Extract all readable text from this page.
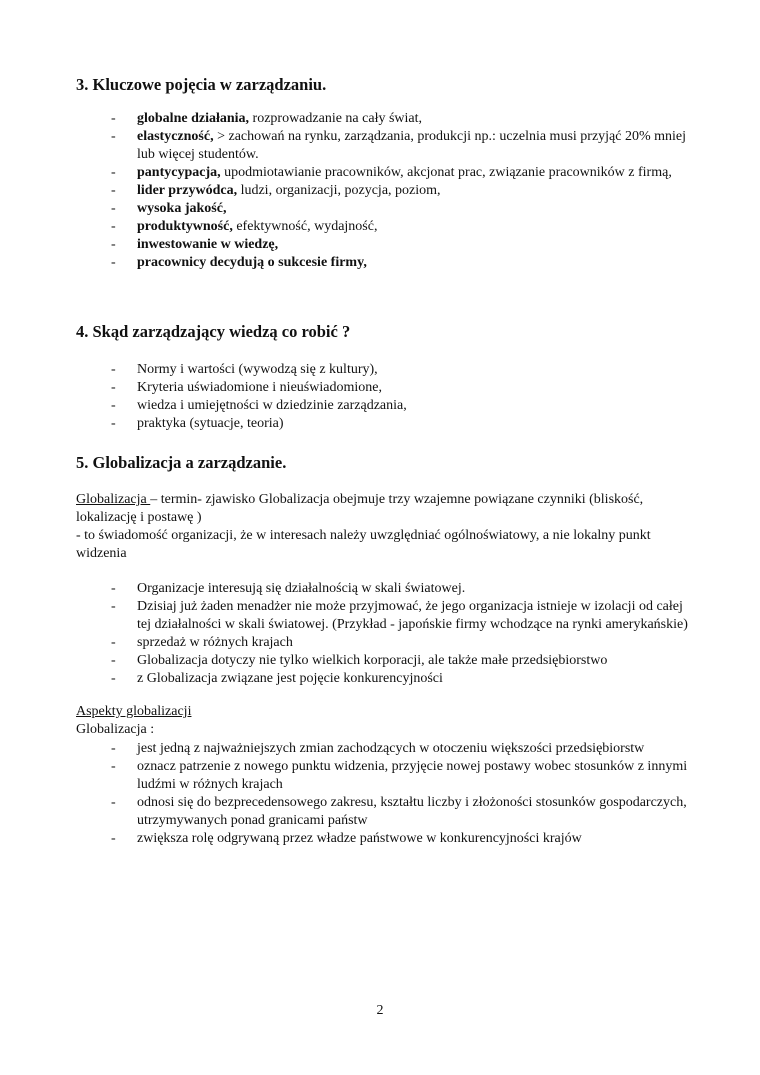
3. Kluczowe pojęcia w zarządzaniu.
- globalne działania, rozprowadzanie na cały świat,
- elastyczność, > zachowań na rynku, zarządzania, produkcji np.: uczelnia musi przyjąć 20% mniej lub więcej studentów.
- pantycypacja, upodmiotawianie pracowników, akcjonat prac, związanie pracowników z firmą,
- lider przywódca, ludzi, organizacji, pozycja, poziom,
- wysoka jakość,
- produktywność, efektywność, wydajność,
- inwestowanie w wiedzę,
- pracownicy decydują o sukcesie firmy,
4. Skąd zarządzający wiedzą co robić ?
- Normy i wartości (wywodzą się z kultury),
- Kryteria uświadomione i nieuświadomione,
- wiedza i umiejętności w dziedzinie zarządzania,
- praktyka (sytuacje, teoria)
5. Globalizacja a zarządzanie.

Globalizacja – termin- zjawisko Globalizacja obejmuje trzy wzajemne powiązane czynniki (bliskość, lokalizację i postawę )

- to świadomość organizacji, że w interesach należy uwzględniać ogólnoświatowy, a nie lokalny punkt widzenia

- Organizacje interesują się działalnością w skali światowej.
- Dzisiaj już żaden menadżer nie może przyjmować, że jego organizacja istnieje w izolacji od całej tej działalności w skali światowej. (Przykład - japońskie firmy wchodzące na rynki amerykańskie)
- sprzedaż w różnych krajach
- Globalizacja dotyczy nie tylko wielkich korporacji, ale także małe przedsiębiorstwo
- z Globalizacja związane jest pojęcie konkurencyjności

Aspekty globalizacji

Globalizacja :

- jest jedną z najważniejszych zmian zachodzących w otoczeniu większości przedsiębiorstw
- oznacz patrzenie z nowego punktu widzenia, przyjęcie nowej postawy wobec stosunków z innymi ludźmi w różnych krajach
- odnosi się do bezprecedensowego zakresu, kształtu liczby i złożoności stosunków gospodarczych, utrzymywanych ponad granicami państw
- zwiększa rolę odgrywaną przez władze państwowe w konkurencyjności krajów
2
